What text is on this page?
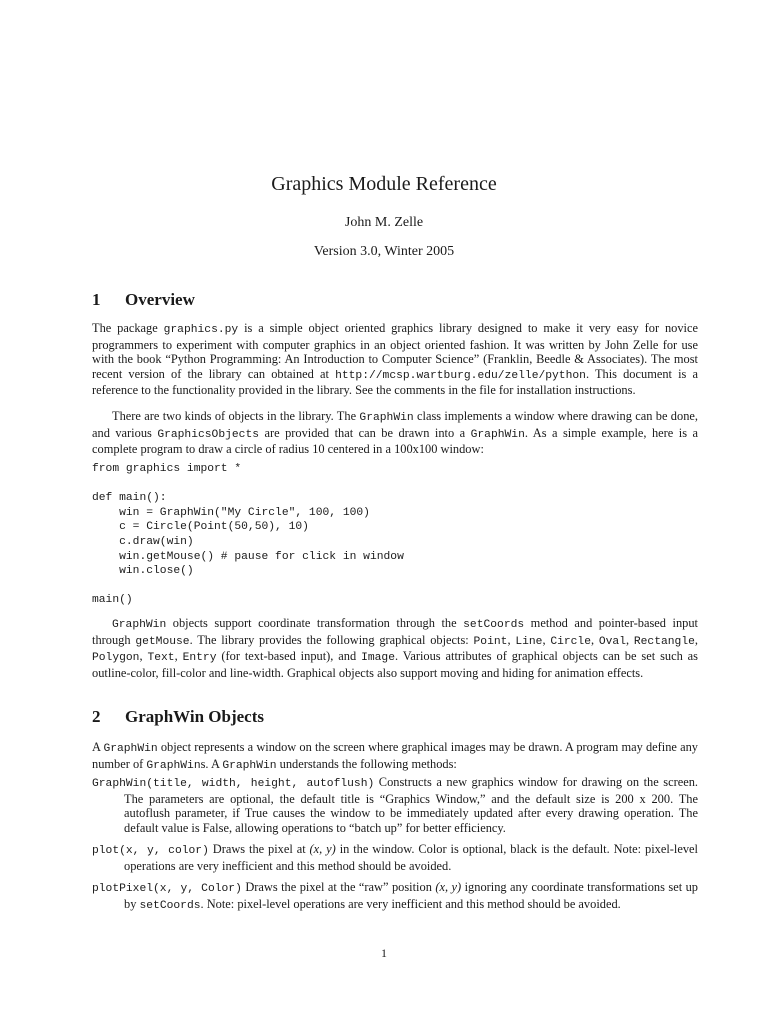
Graphics Module Reference
John M. Zelle
Version 3.0, Winter 2005
1 Overview
The package graphics.py is a simple object oriented graphics library designed to make it very easy for novice programmers to experiment with computer graphics in an object oriented fashion. It was written by John Zelle for use with the book “Python Programming: An Introduction to Computer Science” (Franklin, Beedle & Associates). The most recent version of the library can obtained at http://mcsp.wartburg.edu/zelle/python. This document is a reference to the functionality provided in the library. See the comments in the file for installation instructions.
There are two kinds of objects in the library. The GraphWin class implements a window where drawing can be done, and various GraphicsObjects are provided that can be drawn into a GraphWin. As a simple example, here is a complete program to draw a circle of radius 10 centered in a 100x100 window:
from graphics import *

def main():
win = GraphWin("My Circle", 100, 100)
c = Circle(Point(50,50), 10)
c.draw(win)
win.getMouse() # pause for click in window
win.close()

main()
GraphWin objects support coordinate transformation through the setCoords method and pointer-based input through getMouse. The library provides the following graphical objects: Point, Line, Circle, Oval, Rectangle, Polygon, Text, Entry (for text-based input), and Image. Various attributes of graphical objects can be set such as outline-color, fill-color and line-width. Graphical objects also support moving and hiding for animation effects.
2 GraphWin Objects
A GraphWin object represents a window on the screen where graphical images may be drawn. A program may define any number of GraphWins. A GraphWin understands the following methods:
GraphWin(title, width, height, autoflush) Constructs a new graphics window for drawing on the screen. The parameters are optional, the default title is “Graphics Window,” and the default size is 200 x 200. The autoflush parameter, if True causes the window to be immediately updated after every drawing operation. The default value is False, allowing operations to “batch up” for better efficiency.
plot(x, y, color) Draws the pixel at (x, y) in the window. Color is optional, black is the default. Note: pixel-level operations are very inefficient and this method should be avoided.
plotPixel(x, y, Color) Draws the pixel at the “raw” position (x, y) ignoring any coordinate transformations set up by setCoords. Note: pixel-level operations are very inefficient and this method should be avoided.
1
